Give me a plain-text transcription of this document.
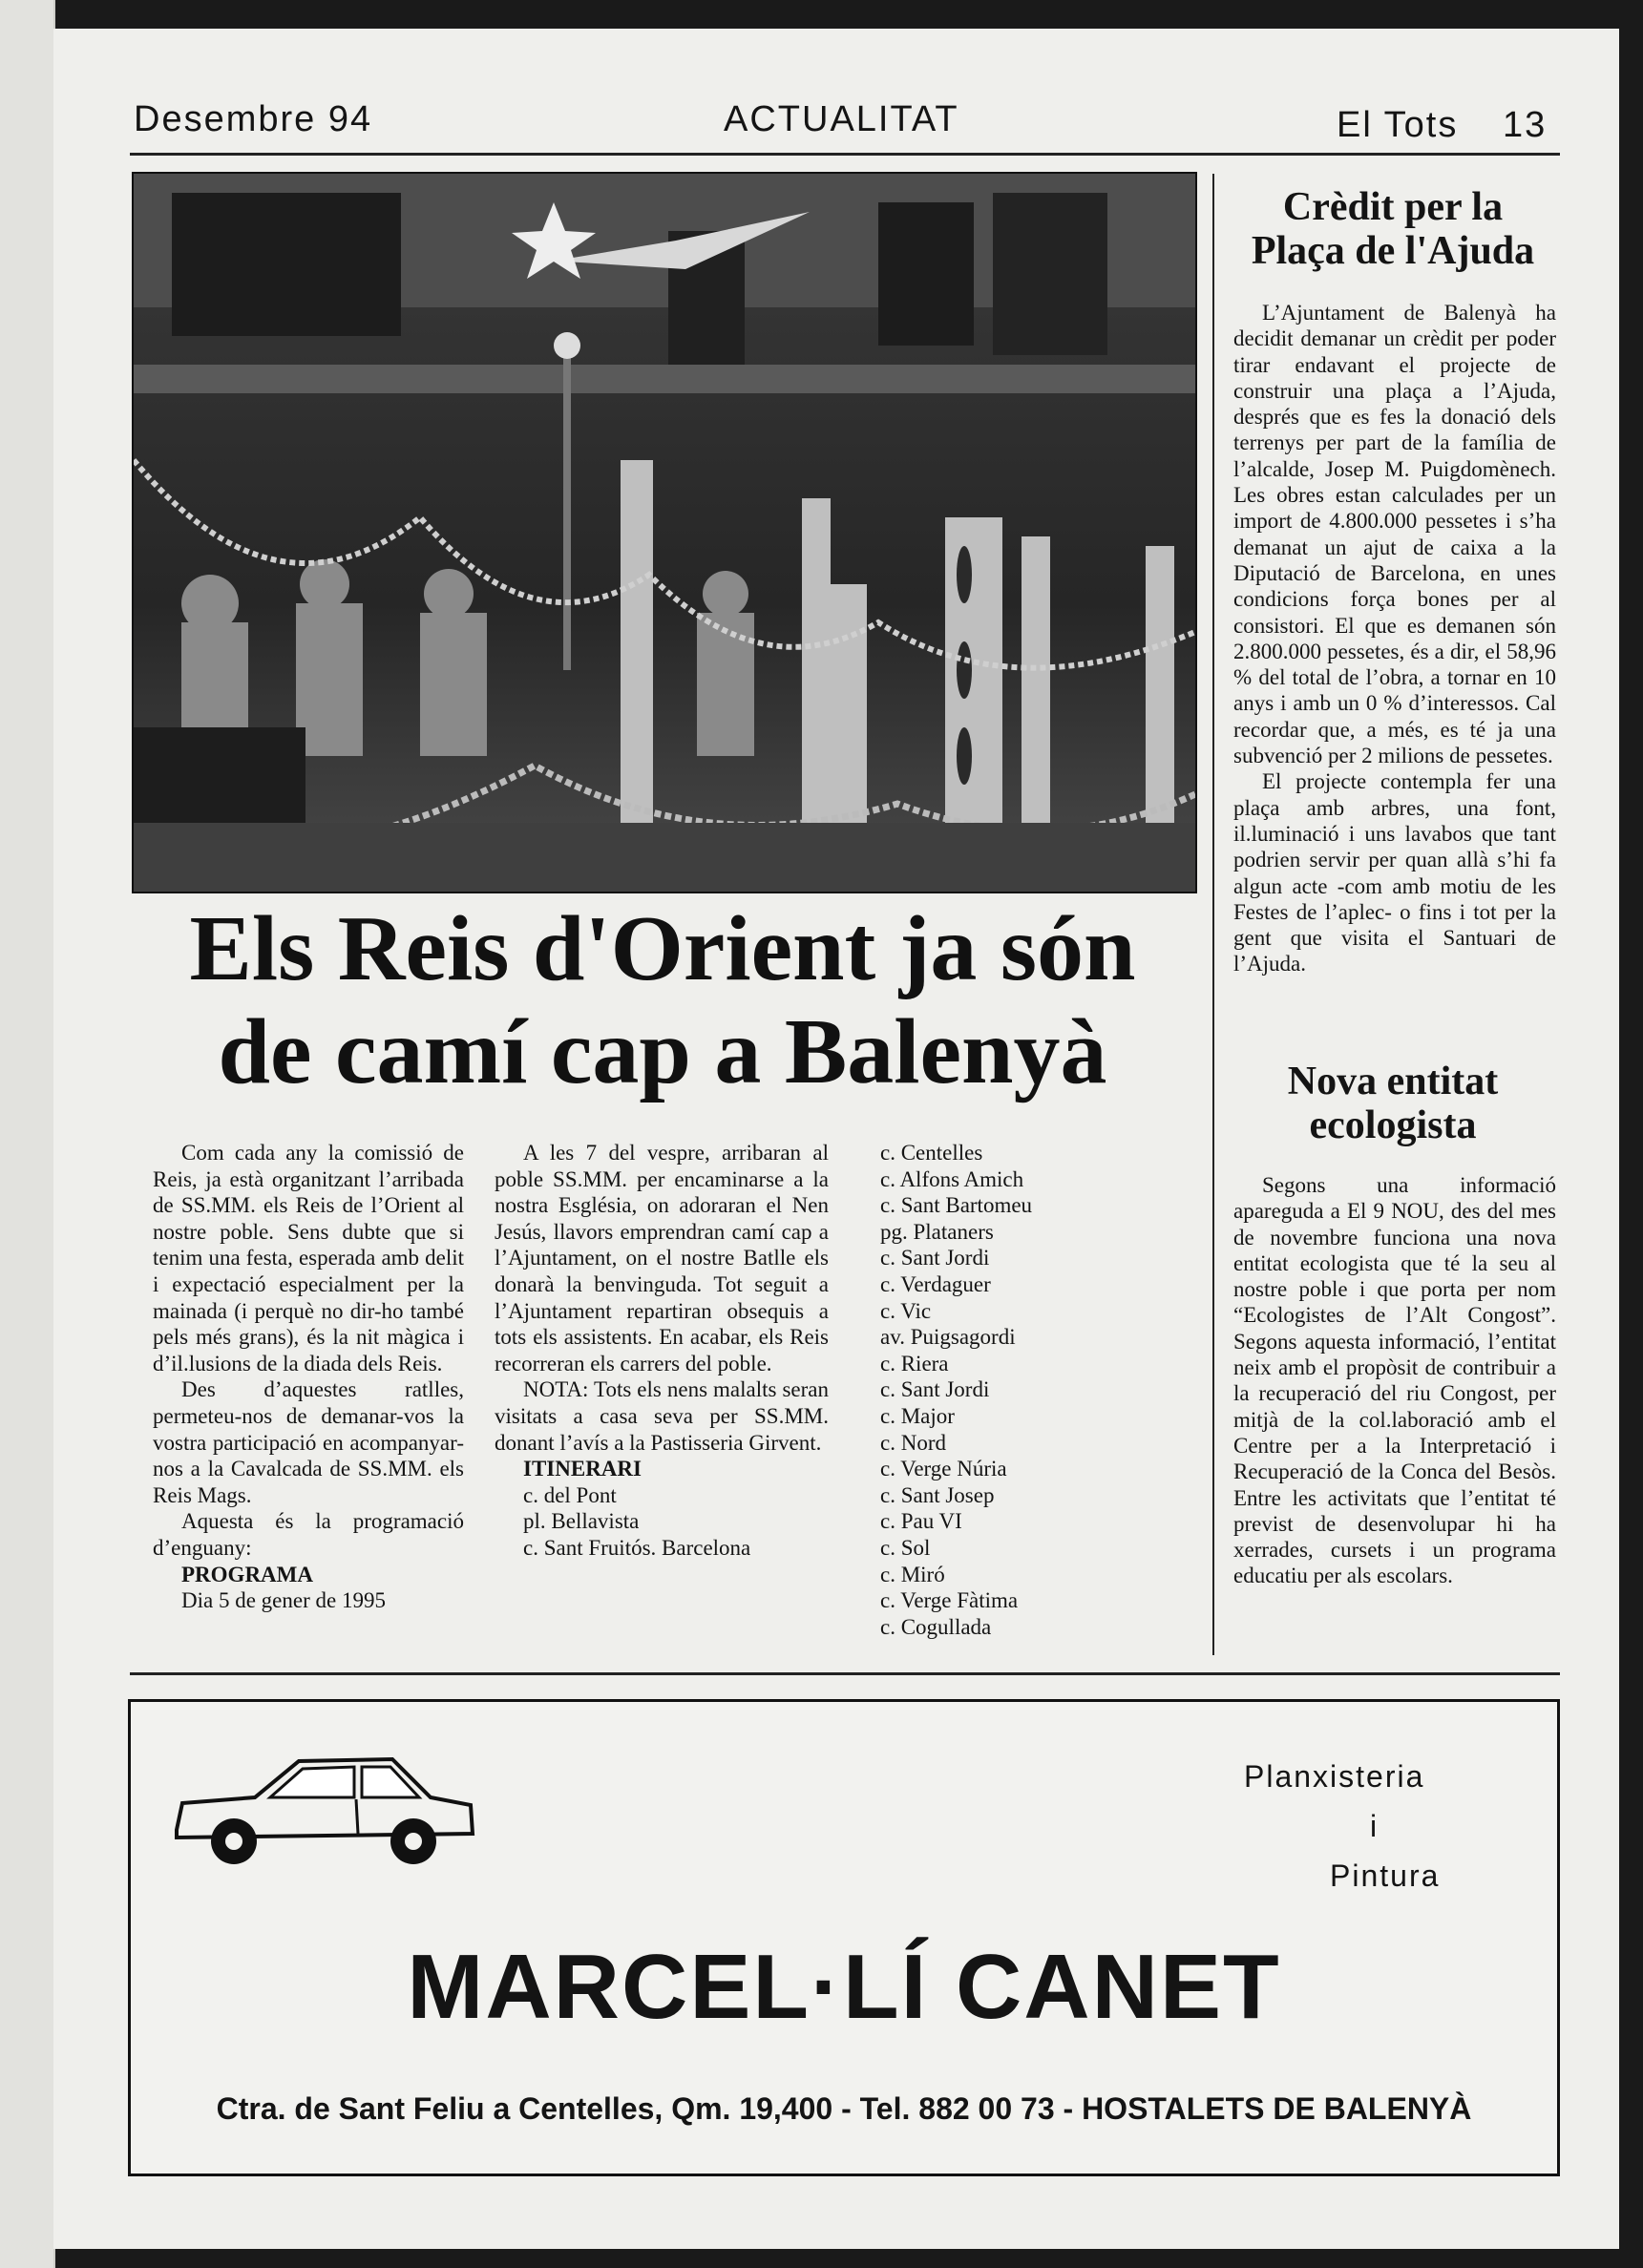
Desembre 94	ACTUALITAT	El Tots 13
Els Reis d'Orient ja són
de camí cap a Balenyà

Com cada any la comissió de Reis, ja està organitzant l’arribada de SS.MM. els Reis de l’Orient al nostre poble. Sens dubte que si tenim una festa, esperada amb delit i expectació especialment per la mainada (i perquè no dir-ho també pels més grans), és la nit màgica i d’il.lusions de la diada dels Reis.

Des d’aquestes ratlles, permeteu-nos de demanar-vos la vostra participació en acompanyar-nos a la Cavalcada de SS.MM. els Reis Mags.

Aquesta és la programació d’enguany:

PROGRAMA

Dia 5 de gener de 1995

A les 7 del vespre, arribaran al poble SS.MM. per encaminarse a la nostra Església, on adoraran el Nen Jesús, llavors emprendran camí cap a l’Ajuntament, on el nostre Batlle els donarà la benvinguda. Tot seguit a l’Ajuntament repartiran obsequis a tots els assistents. En acabar, els Reis recorreran els carrers del poble.

NOTA: Tots els nens malalts seran visitats a casa seva per SS.MM. donant l’avís a la Pastisseria Girvent.

ITINERARI

c. del Pont

pl. Bellavista

c. Sant Fruitós. Barcelona

c. Centelles
c. Alfons Amich
c. Sant Bartomeu
pg. Plataners
c. Sant Jordi
c. Verdaguer
c. Vic
av. Puigsagordi
c. Riera
c. Sant Jordi
c. Major
c. Nord
c. Verge Núria
c. Sant Josep
c. Pau VI
c. Sol
c. Miró
c. Verge Fàtima
c. Cogullada
Crèdit per la
Plaça de l'Ajuda

L’Ajuntament de Balenyà ha decidit demanar un crèdit per poder tirar endavant el projecte de construir una plaça a l’Ajuda, després que es fes la donació dels terrenys per part de la família de l’alcalde, Josep M. Puigdomènech. Les obres estan calculades per un import de 4.800.000 pessetes i s’ha demanat un ajut de caixa a la Diputació de Barcelona, en unes condicions força bones per al consistori. El que es demanen són 2.800.000 pessetes, és a dir, el 58,96 % del total de l’obra, a tornar en 10 anys i amb un 0 % d’interessos. Cal recordar que, a més, es té ja una subvenció per 2 milions de pessetes.

El projecte contempla fer una plaça amb arbres, una font, il.luminació i uns lavabos que tant podrien servir per quan allà s’hi fa algun acte -com amb motiu de les Festes de l’aplec- o fins i tot per la gent que visita el Santuari de l’Ajuda.

Nova entitat
ecologista

Segons una informació apareguda a El 9 NOU, des del mes de novembre funciona una nova entitat ecologista que té la seu al nostre poble i que porta per nom “Ecologistes de l’Alt Congost”. Segons aquesta informació, l’entitat neix amb el propòsit de contribuir a la recuperació del riu Congost, per mitjà de la col.laboració amb el Centre per a la Interpretació i Recuperació de la Conca del Besòs. Entre les activitats que l’entitat té previst de desenvolupar hi ha xerrades, cursets i un programa educatiu per als escolars.

Planxisteria
i
Pintura
MARCEL·LÍ CANET
Ctra. de Sant Feliu a Centelles, Qm. 19,400 - Tel. 882 00 73 - HOSTALETS DE BALENYÀ
